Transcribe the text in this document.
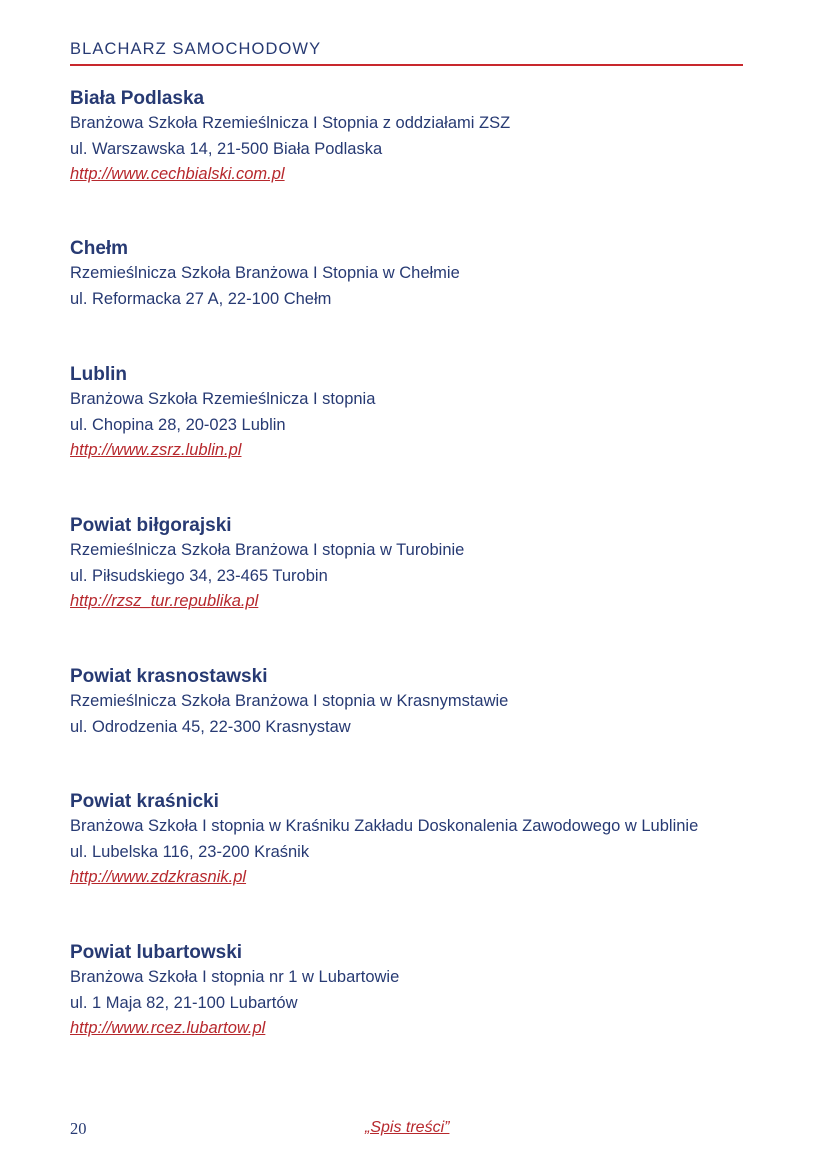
BLACHARZ SAMOCHODOWY
Biała Podlaska
Branżowa Szkoła Rzemieślnicza I Stopnia z oddziałami ZSZ
ul. Warszawska 14, 21-500 Biała Podlaska
http://www.cechbialski.com.pl
Chełm
Rzemieślnicza Szkoła Branżowa I Stopnia w Chełmie
ul. Reformacka 27 A, 22-100 Chełm
Lublin
Branżowa Szkoła Rzemieślnicza I stopnia
ul. Chopina 28, 20-023 Lublin
http://www.zsrz.lublin.pl
Powiat biłgorajski
Rzemieślnicza Szkoła Branżowa I stopnia w Turobinie
ul. Piłsudskiego 34, 23-465 Turobin
http://rzsz_tur.republika.pl
Powiat krasnostawski
Rzemieślnicza Szkoła Branżowa I stopnia w Krasnymstawie
ul. Odrodzenia 45, 22-300 Krasnystaw
Powiat kraśnicki
Branżowa Szkoła I stopnia w Kraśniku Zakładu Doskonalenia Zawodowego w Lublinie
ul. Lubelska 116, 23-200 Kraśnik
http://www.zdzkrasnik.pl
Powiat lubartowski
Branżowa Szkoła I stopnia nr 1 w Lubartowie
ul. 1 Maja 82, 21-100 Lubartów
http://www.rcez.lubartow.pl
20	„Spis treści”
